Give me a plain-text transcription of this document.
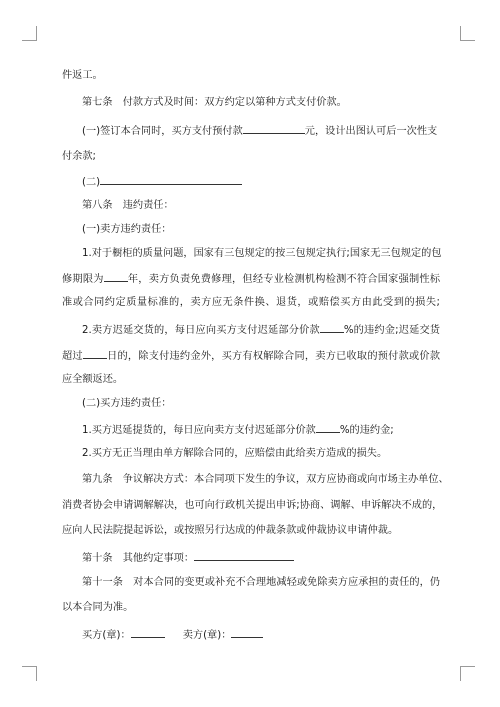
件返工。
第七条　付款方式及时间：双方约定以第种方式支付价款。
(一)签订本合同时，买方支付预付款	元，设计出图认可后一次性支
付余款;
(二)
第八条　违约责任：
(一)卖方违约责任：
1.对于橱柜的质量问题，国家有三包规定的按三包规定执行;国家无三包规定的包
修期限为 年，卖方负责免费修理，但经专业检测机构检测不符合国家强制性标
准或合同约定质量标准的，卖方应无条件换、退货，或赔偿买方由此受到的损失;
2.卖方迟延交货的，每日应向买方支付迟延部分价款 %的违约金;迟延交货
超过 日的，除支付违约金外，买方有权解除合同，卖方已收取的预付款或价款
应全额返还。
(二)买方违约责任：
1.买方迟延提货的，每日应向卖方支付迟延部分价款 %的违约金;
2.买方无正当理由单方解除合同的，应赔偿由此给卖方造成的损失。
第九条　争议解决方式：本合同项下发生的争议，双方应协商或向市场主办单位、
消费者协会申请调解解决，也可向行政机关提出申诉;协商、调解、申诉解决不成的，
应向人民法院提起诉讼，或按照另行达成的仲裁条款或仲裁协议申请仲裁。
第十条　其他约定事项：
第十一条　对本合同的变更或补充不合理地减轻或免除卖方应承担的责任的，仍
以本合同为准。
买方(章)：	卖方(章)：
